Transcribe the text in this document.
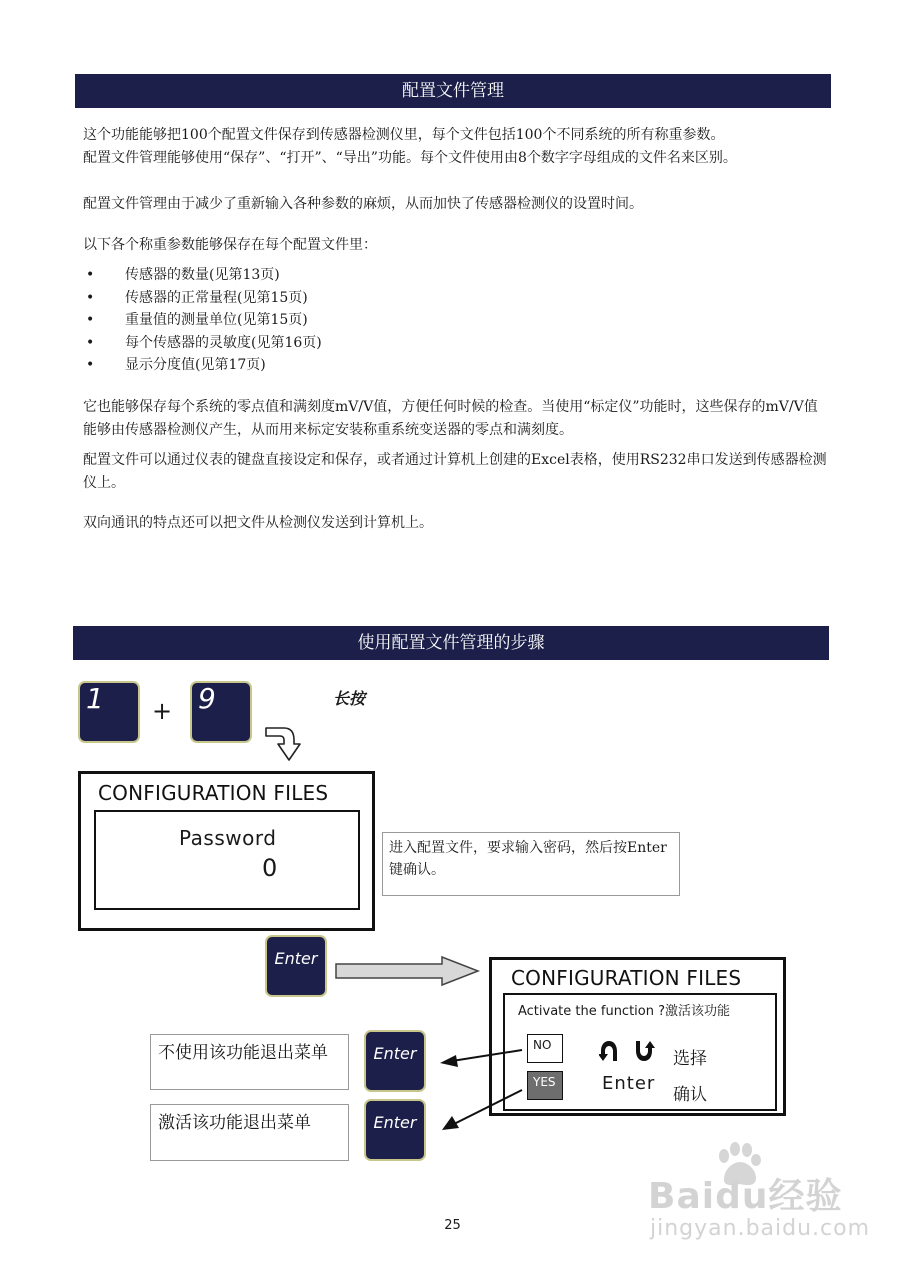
配置文件管理

这个功能能够把100个配置文件保存到传感器检测仪里，每个文件包括100个不同系统的所有称重参数。

配置文件管理能够使用“保存”、“打开”、“导出”功能。每个文件使用由8个数字字母组成的文件名来区别。

配置文件管理由于减少了重新输入各种参数的麻烦，从而加快了传感器检测仪的设置时间。

以下各个称重参数能够保存在每个配置文件里：

• 传感器的数量(见第13页)
• 传感器的正常量程(见第15页)
• 重量值的测量单位(见第15页)
• 每个传感器的灵敏度(见第16页)
• 显示分度值(见第17页)

它也能够保存每个系统的零点值和满刻度mV/V值，方便任何时候的检查。当使用“标定仪”功能时，这些保存的mV/V值能够由传感器检测仪产生，从而用来标定安装称重系统变送器的零点和满刻度。

配置文件可以通过仪表的键盘直接设定和保存，或者通过计算机上创建的Excel表格，使用RS232串口发送到传感器检测仪上。

双向通讯的特点还可以把文件从检测仪发送到计算机上。

使用配置文件管理的步骤
1	+ 9	长按
CONFIGURATION FILES
Password
0
进入配置文件，要求输入密码，然后按Enter键确认。
Enter
CONFIGURATION FILES
Activate the function ?激活该功能
NO
YES	Enter
选择
确认
不使用该功能退出菜单	Enter
激活该功能退出菜单	Enter
25
Baidu经验
jingyan.baidu.com
